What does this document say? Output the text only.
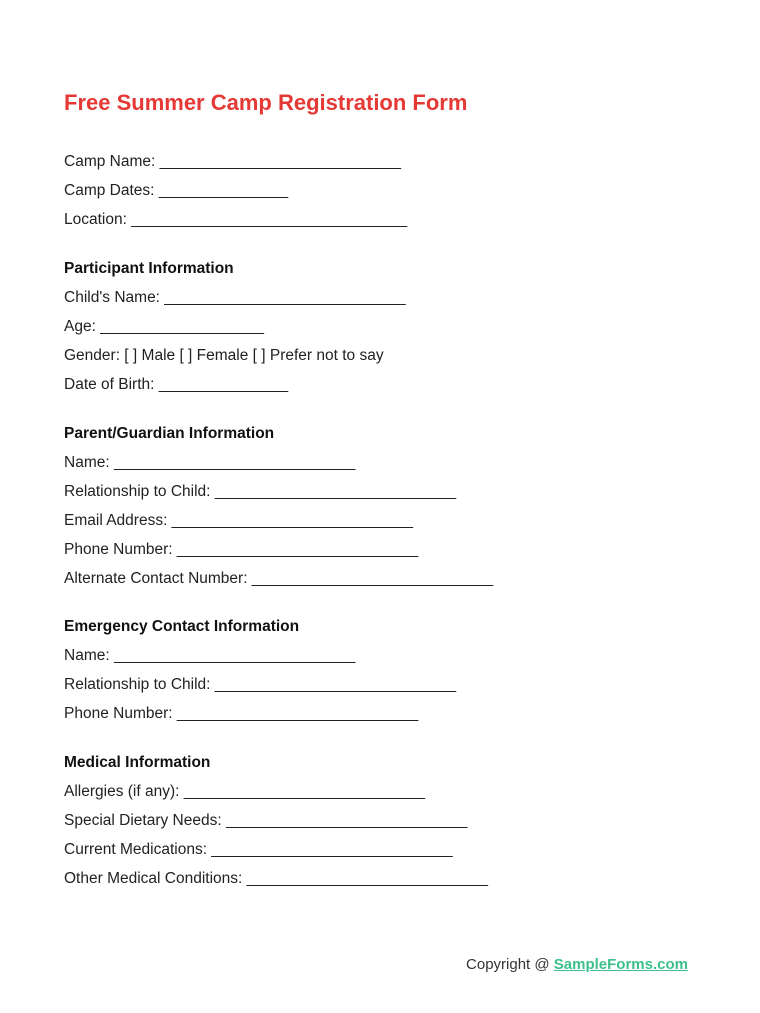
Free Summer Camp Registration Form
Camp Name: ____________________________
Camp Dates: _______________
Location: ________________________________
Participant Information
Child's Name: ____________________________
Age: ___________________
Gender: [ ] Male [ ] Female [ ] Prefer not to say
Date of Birth: _______________
Parent/Guardian Information
Name: ____________________________
Relationship to Child: ____________________________
Email Address: ____________________________
Phone Number: ____________________________
Alternate Contact Number: ____________________________
Emergency Contact Information
Name: ____________________________
Relationship to Child: ____________________________
Phone Number: ____________________________
Medical Information
Allergies (if any): ____________________________
Special Dietary Needs: ____________________________
Current Medications: ____________________________
Other Medical Conditions: ____________________________
Copyright @ SampleForms.com
